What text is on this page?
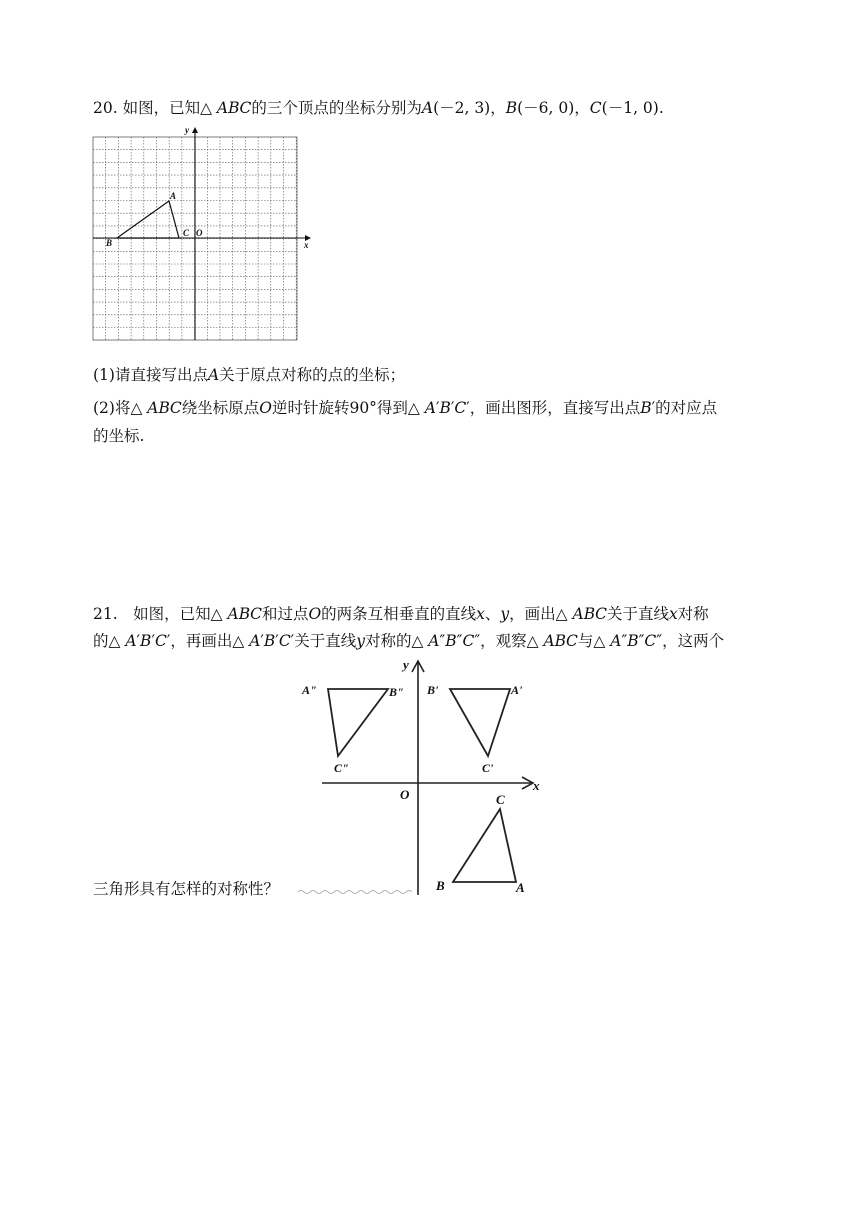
20. 如图，已知△ 𝐴𝐵𝐶的三个顶点的坐标分别为𝐴(－2, 3)，𝐵(－6, 0)，𝐶(－1, 0).
x
y
A
B
C O
(1)请直接写出点𝐴关于原点对称的点的坐标；
(2)将△ 𝐴𝐵𝐶绕坐标原点𝑂逆时针旋转90°得到△ 𝐴′𝐵′𝐶′，画出图形，直接写出点𝐵′的对应点
的坐标.
21.　如图，已知△ 𝐴𝐵𝐶和过点𝑂的两条互相垂直的直线𝑥、𝑦，画出△ 𝐴𝐵𝐶关于直线𝑥对称
的△ 𝐴′𝐵′𝐶′，再画出△ 𝐴′𝐵′𝐶′关于直线𝑦对称的△ 𝐴″𝐵″𝐶″，观察△ 𝐴𝐵𝐶与△ 𝐴″𝐵″𝐶″，这两个
三角形具有怎样的对称性？
x
y
O
A"	B"
C"
B'	A'
C'
C
B	A
